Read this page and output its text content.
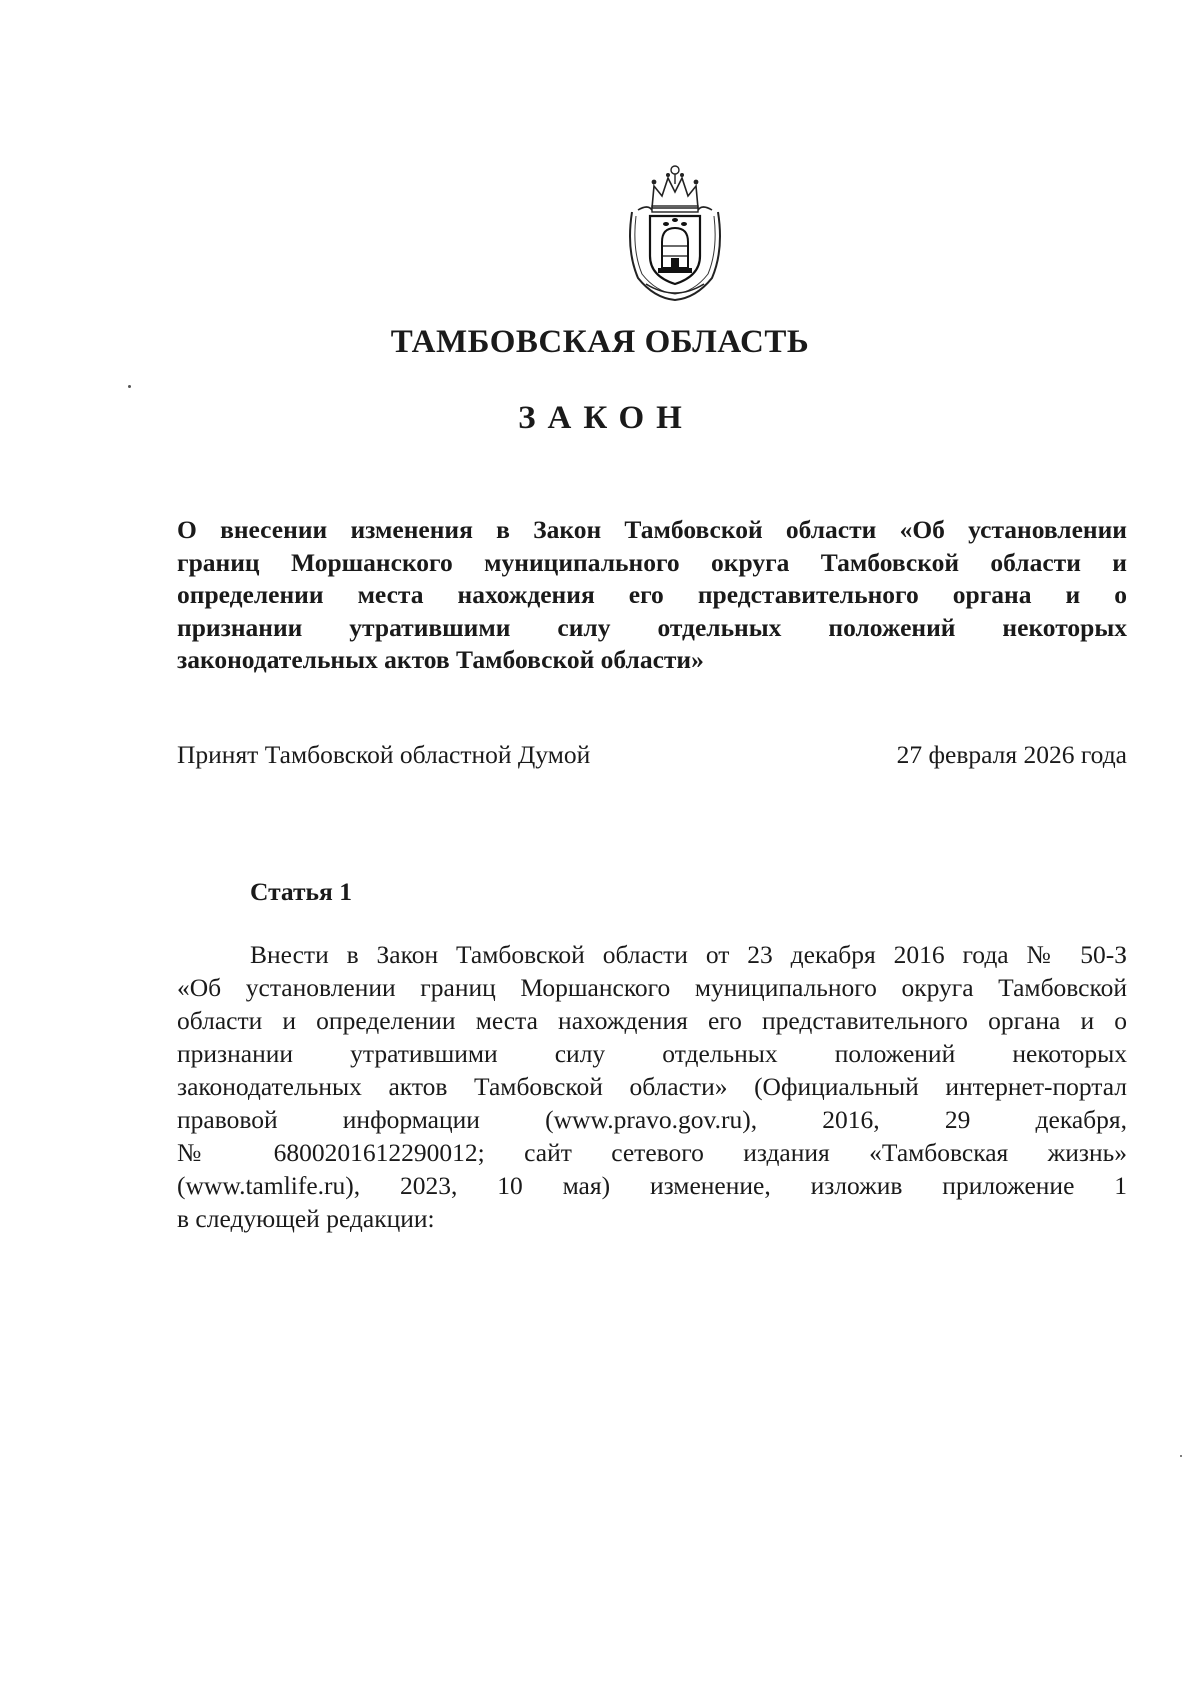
ТАМБОВСКАЯ ОБЛАСТЬ
ЗАКОН
О внесении изменения в Закон Тамбовской области «Об установлении
границ Моршанского муниципального округа Тамбовской области и
определении места нахождения его представительного органа и о
признании утратившими силу отдельных положений некоторых
законодательных актов Тамбовской области»
Принят Тамбовской областной Думой	27 февраля 2026 года
Статья 1
Внести в Закон Тамбовской области от 23 декабря 2016 года № 50-З
«Об установлении границ Моршанского муниципального округа Тамбовской
области и определении места нахождения его представительного органа и о
признании утратившими силу отдельных положений некоторых
законодательных актов Тамбовской области» (Официальный интернет-портал
правовой информации (www.pravo.gov.ru), 2016, 29 декабря,
№ 6800201612290012; сайт сетевого издания «Тамбовская жизнь»
(www.tamlife.ru), 2023, 10 мая) изменение, изложив приложение 1
в следующей редакции:
